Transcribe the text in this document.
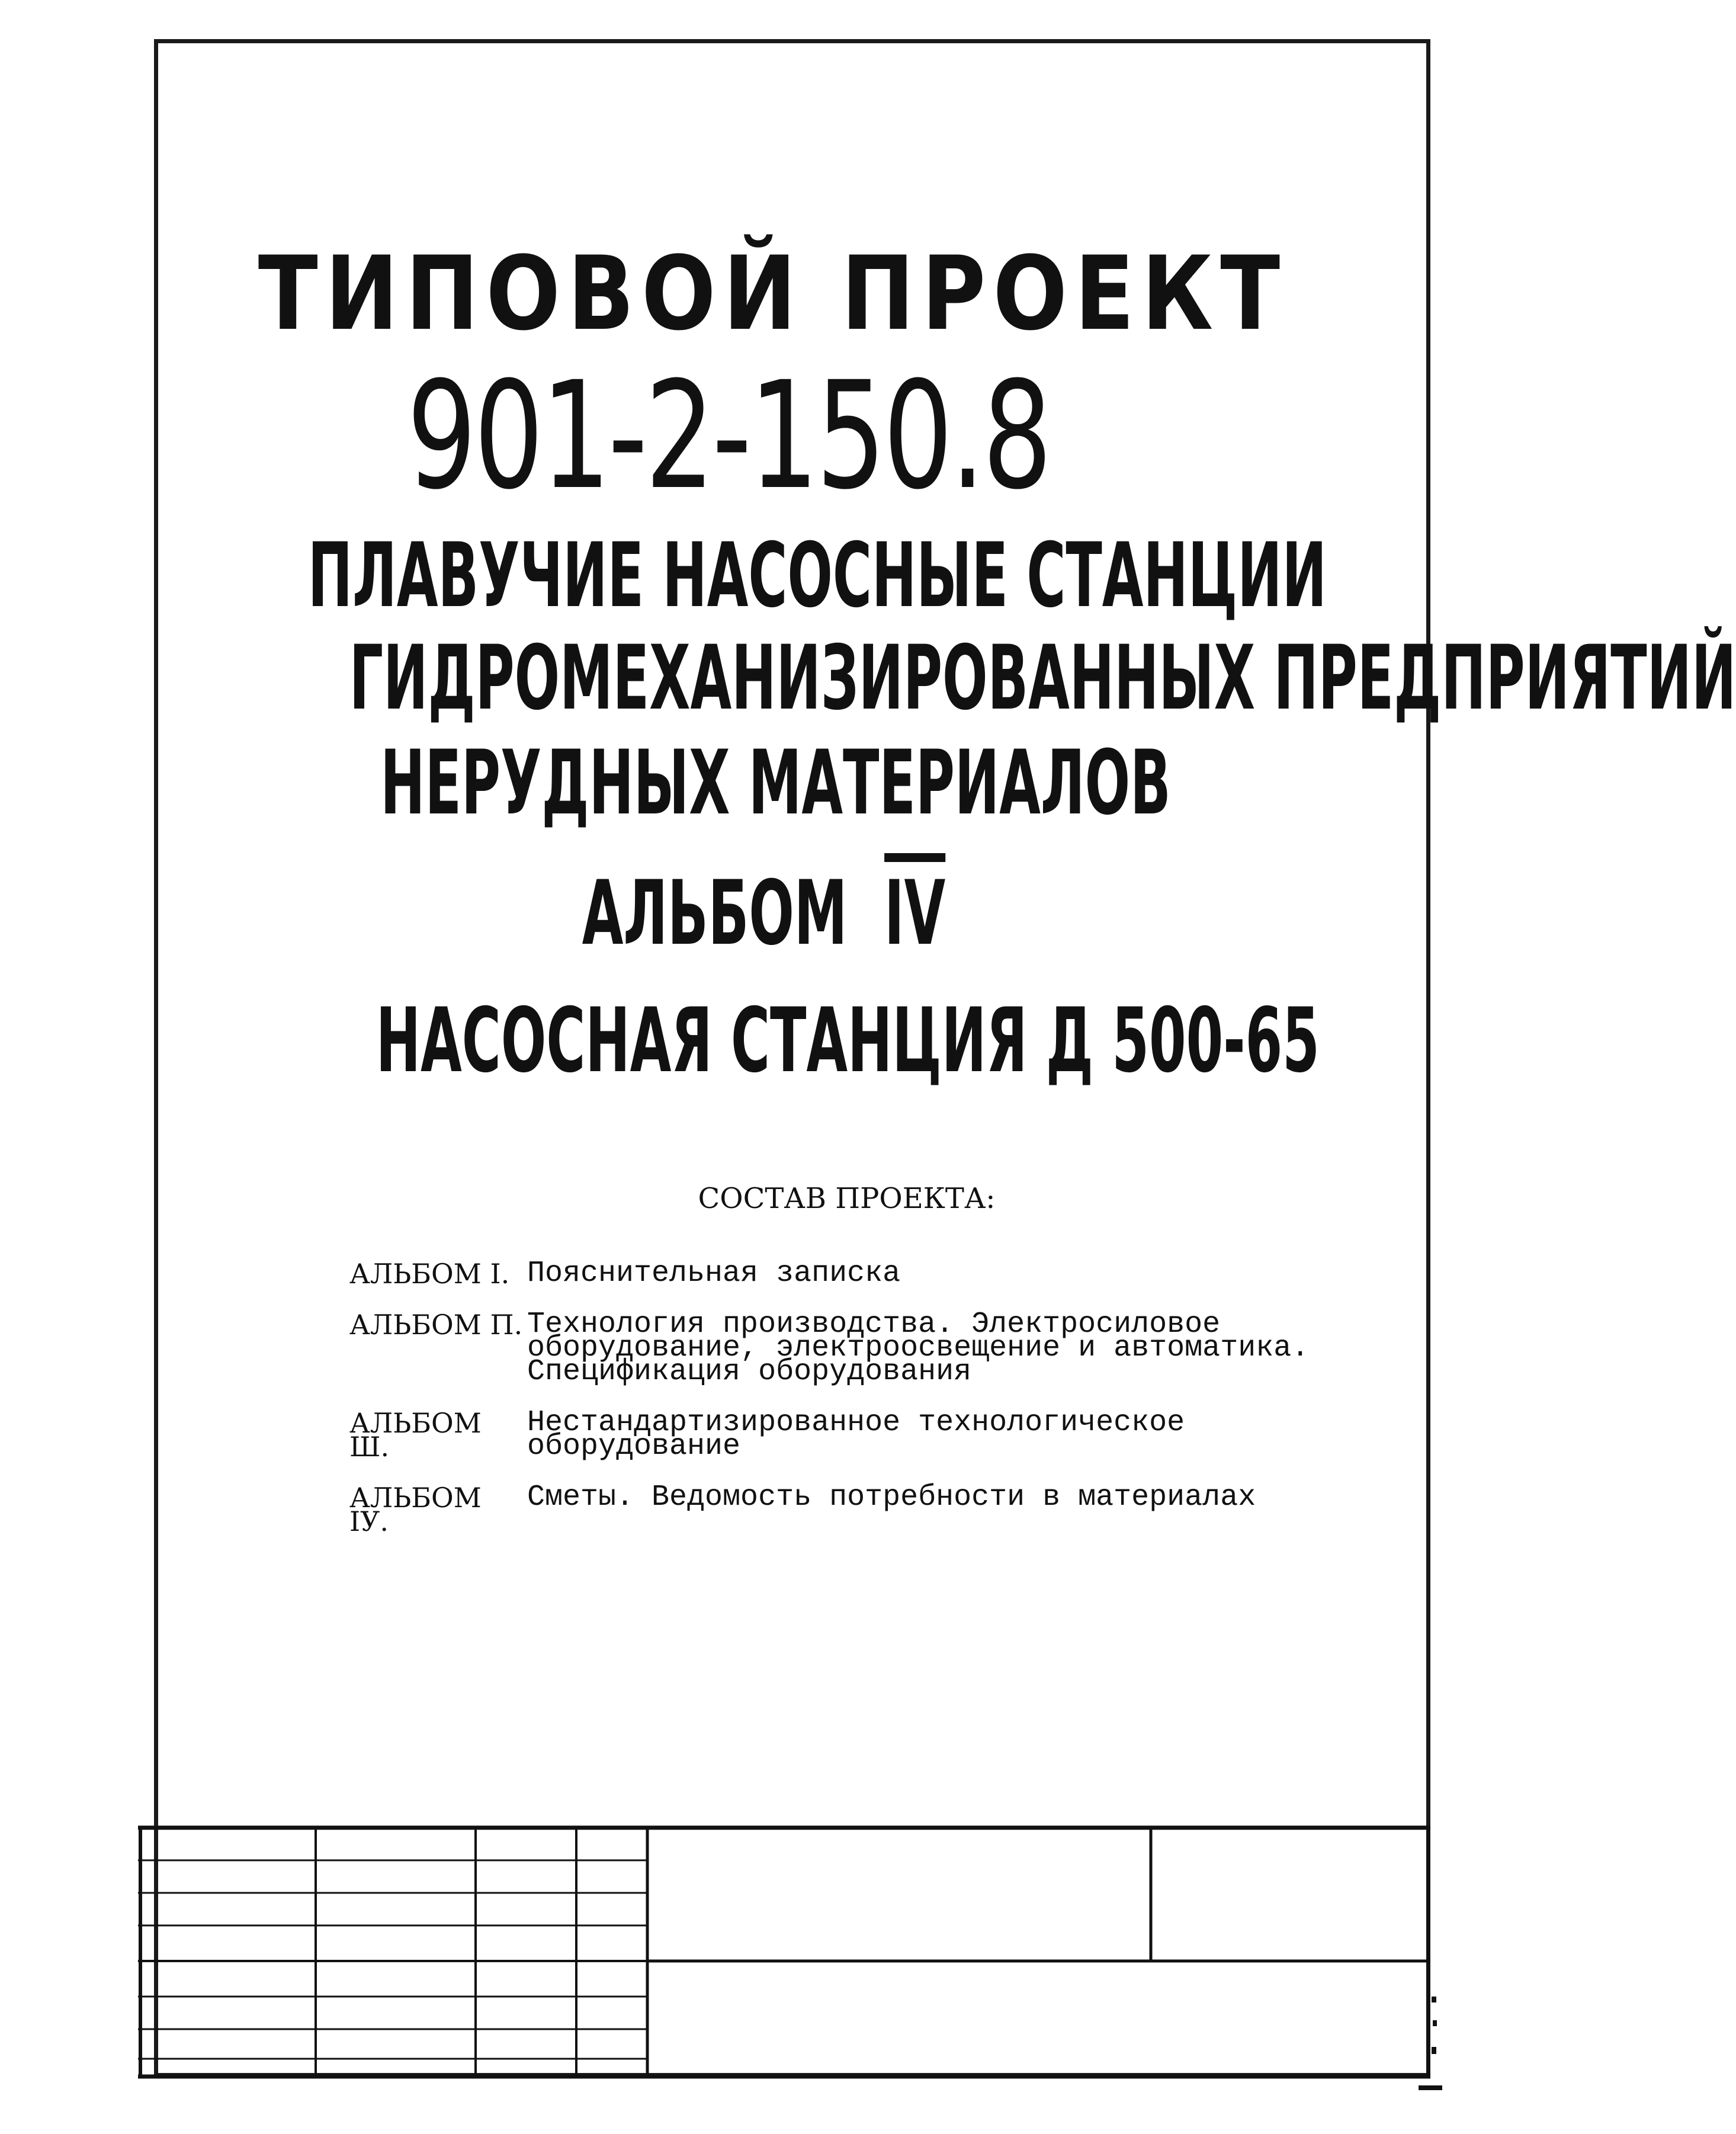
ТИПОВОЙ ПРОЕКТ
901-2-150.8
ПЛАВУЧИЕ НАСОСНЫЕ СТАНЦИИ
ГИДРОМЕХАНИЗИРОВАННЫХ ПРЕДПРИЯТИЙ
НЕРУДНЫХ МАТЕРИАЛОВ
АЛЬБОМ $\overline{IV}$
НАСОСНАЯ СТАНЦИЯ Д 500-65
СОСТАВ ПРОЕКТА:
АЛЬБОМ I. Пояснительная записка
АЛЬБОМ П. Технология производства. Электросиловое
оборудование, электроосвещение и автоматика.
Спецификация оборудования
АЛЬБОМ Ш.
Нестандартизированное технологическое
оборудование
АЛЬБОМ IУ.
Сметы. Ведомость потребности в материалах
